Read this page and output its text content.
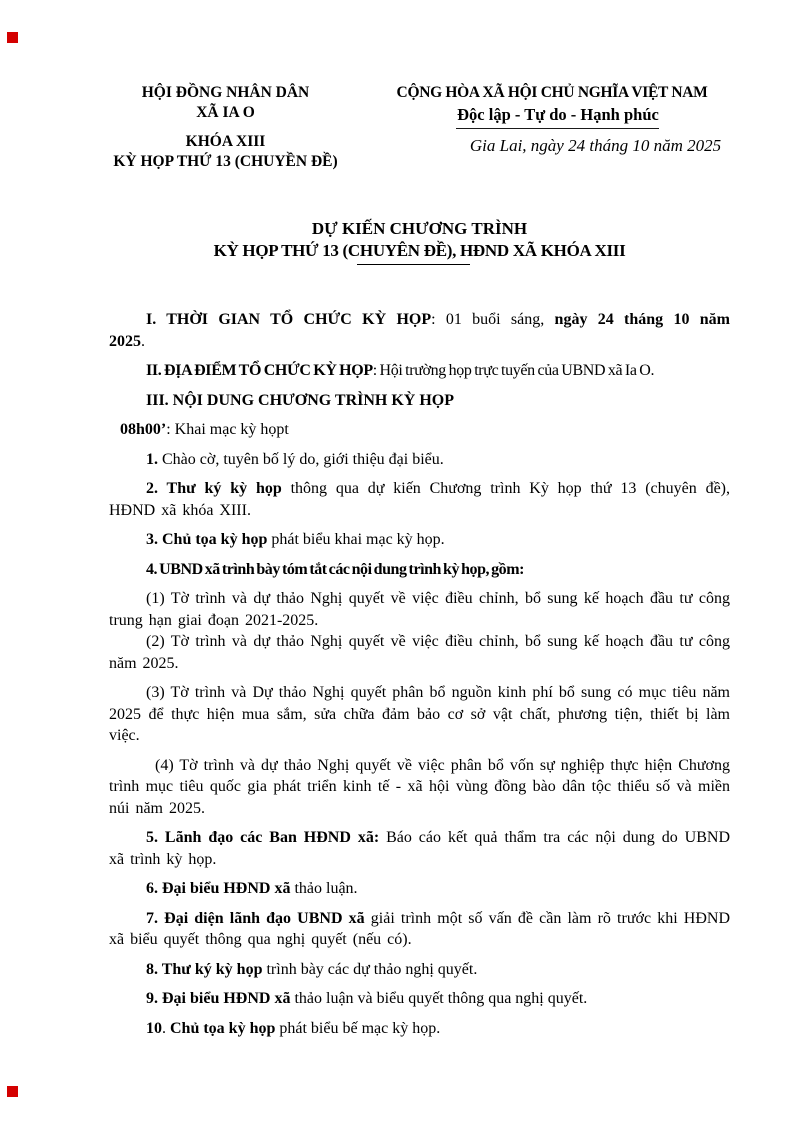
HỘI ĐỒNG NHÂN DÂN
XÃ IA O
KHÓA XIII
KỲ HỌP THỨ 13 (CHUYỀN ĐỀ)
CỘNG HÒA XÃ HỘI CHỦ NGHĨA VIỆT NAM
Độc lập - Tự do - Hạnh phúc
Gia Lai, ngày 24 tháng 10 năm 2025
DỰ KIẾN CHƯƠNG TRÌNH
KỲ HỌP THỨ 13 (CHUYÊN ĐỀ), HĐND XÃ KHÓA XIII

I. THỜI GIAN TỔ CHỨC KỲ HỌP: 01 buổi sáng, ngày 24 tháng 10 năm 2025.

II. ĐỊA ĐIỂM TỔ CHỨC KỲ HỌP: Hội trường họp trực tuyến của UBND xã Ia O.

III. NỘI DUNG CHƯƠNG TRÌNH KỲ HỌP

08h00’: Khai mạc kỳ họpt

1. Chào cờ, tuyên bố lý do, giới thiệu đại biểu.

2. Thư ký kỳ họp thông qua dự kiến Chương trình Kỳ họp thứ 13 (chuyên đề), HĐND xã khóa XIII.

3. Chủ tọa kỳ họp phát biểu khai mạc kỳ họp.

4. UBND xã trình bày tóm tắt các nội dung trình kỳ họp, gồm:

(1) Tờ trình và dự thảo Nghị quyết về việc điều chỉnh, bổ sung kế hoạch đầu tư công trung hạn giai đoạn 2021-2025.

(2) Tờ trình và dự thảo Nghị quyết về việc điều chỉnh, bổ sung kế hoạch đầu tư công năm 2025.

(3) Tờ trình và Dự thảo Nghị quyết phân bổ nguồn kinh phí bổ sung có mục tiêu năm 2025 để thực hiện mua sắm, sửa chữa đảm bảo cơ sở vật chất, phương tiện, thiết bị làm việc.

(4) Tờ trình và dự thảo Nghị quyết về việc phân bổ vốn sự nghiệp thực hiện Chương trình mục tiêu quốc gia phát triển kinh tế - xã hội vùng đồng bào dân tộc thiểu số và miền núi năm 2025.

5. Lãnh đạo các Ban HĐND xã: Báo cáo kết quả thẩm tra các nội dung do UBND xã trình kỳ họp.

6. Đại biểu HĐND xã thảo luận.

7. Đại diện lãnh đạo UBND xã giải trình một số vấn đề cần làm rõ trước khi HĐND xã biểu quyết thông qua nghị quyết (nếu có).

8. Thư ký kỳ họp trình bày các dự thảo nghị quyết.

9. Đại biểu HĐND xã thảo luận và biểu quyết thông qua nghị quyết.

10. Chủ tọa kỳ họp phát biểu bế mạc kỳ họp.
